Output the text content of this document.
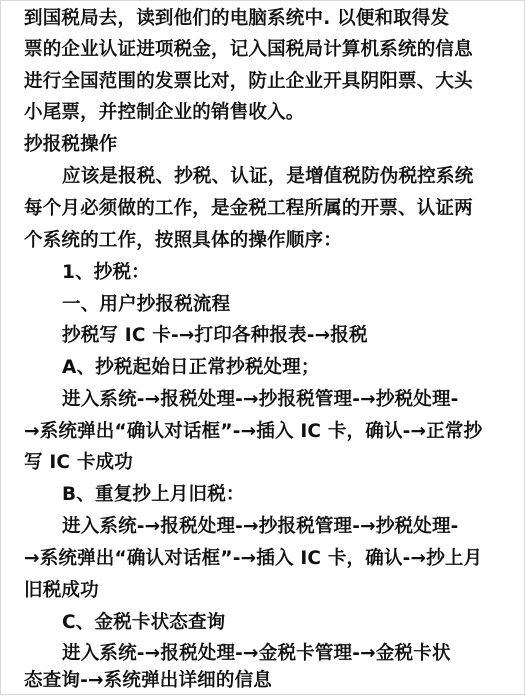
到国税局去，读到他们的电脑系统中. 以便和取得发
票的企业认证进项税金，记入国税局计算机系统的信息
进行全国范围的发票比对，防止企业开具阴阳票、大头
小尾票，并控制企业的销售收入。
抄报税操作
应该是报税、抄税、认证，是增值税防伪税控系统
每个月必须做的工作，是金税工程所属的开票、认证两
个系统的工作，按照具体的操作顺序：
1、抄税：
一、用户抄报税流程
抄税写 IC 卡-→打印各种报表-→报税
A、抄税起始日正常抄税处理；
进入系统-→报税处理-→抄报税管理-→抄税处理-
→系统弹出“确认对话框”-→插入 IC 卡，确认-→正常抄
写 IC 卡成功
B、重复抄上月旧税：
进入系统-→报税处理-→抄报税管理-→抄税处理-
→系统弹出“确认对话框”-→插入 IC 卡，确认-→抄上月
旧税成功
C、金税卡状态查询
进入系统-→报税处理-→金税卡管理-→金税卡状
态查询-→系统弹出详细的信息
